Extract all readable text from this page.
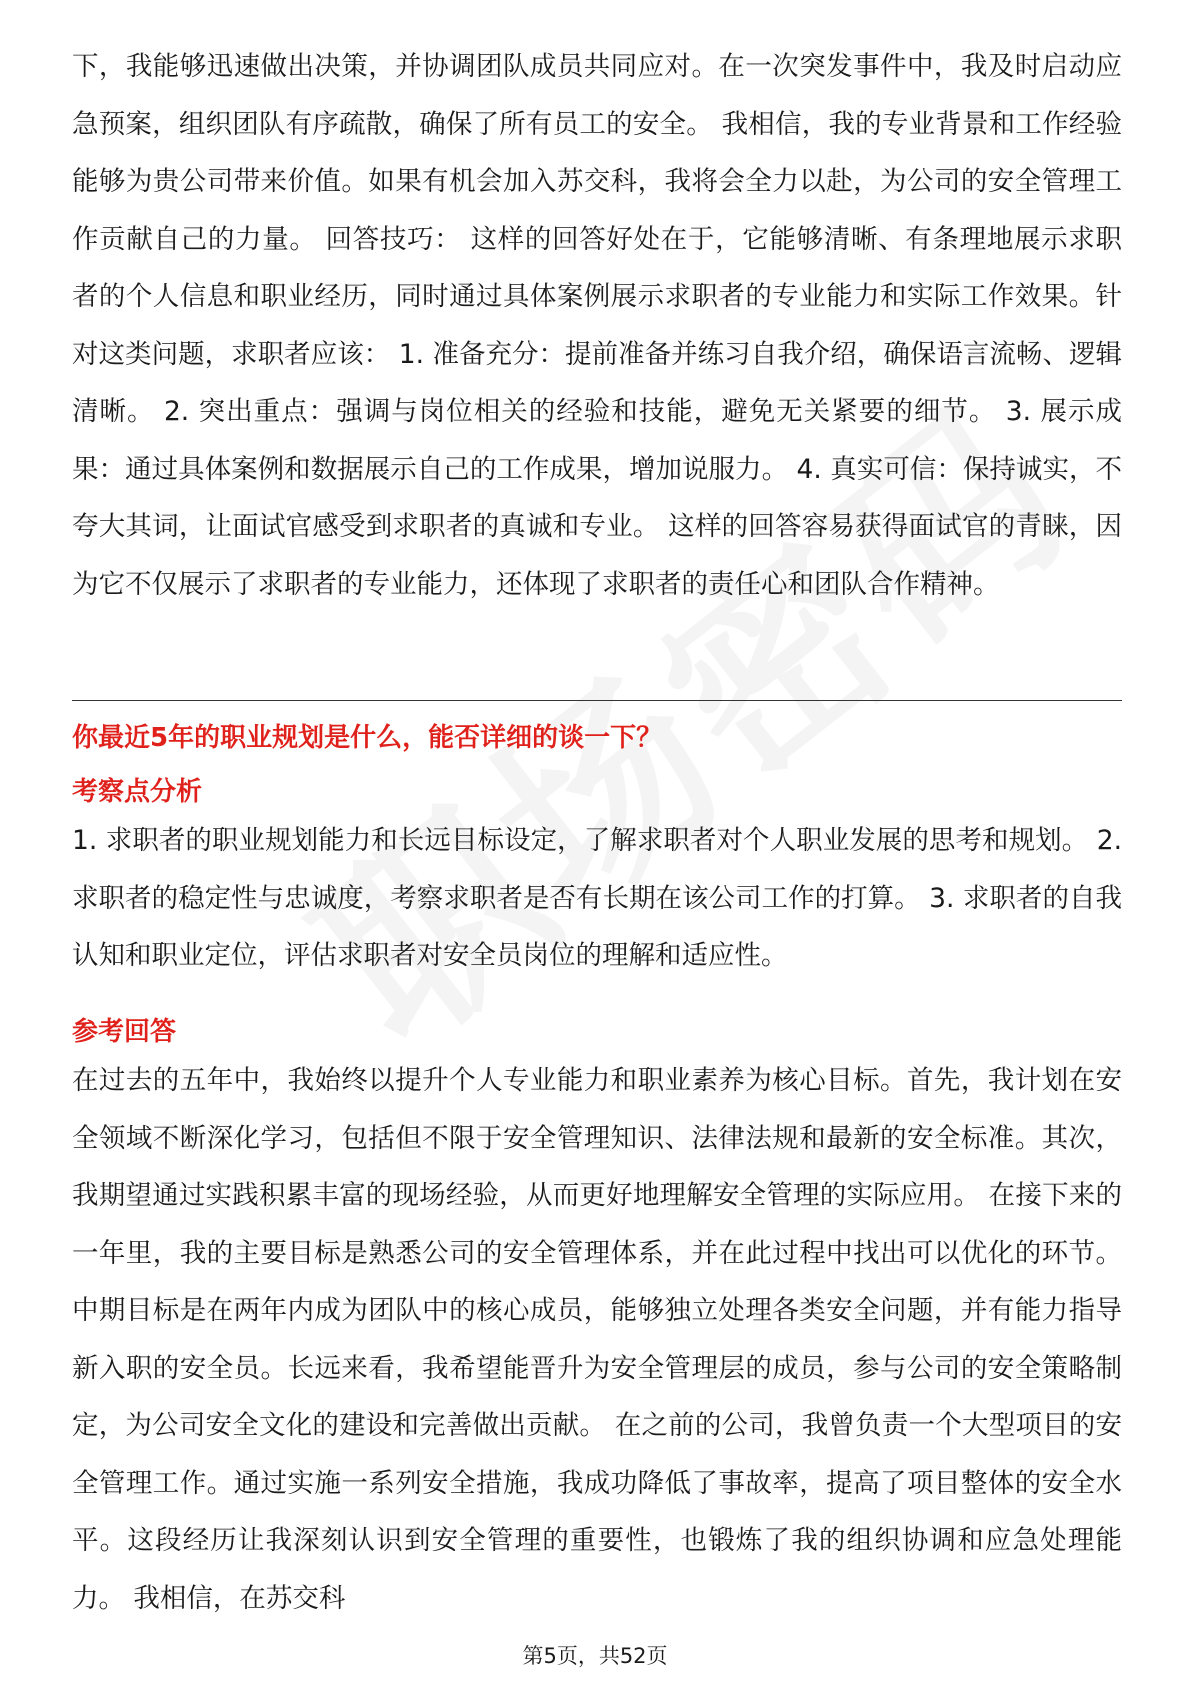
下，我能够迅速做出决策，并协调团队成员共同应对。在一次突发事件中，我及时启动应急预案，组织团队有序疏散，确保了所有员工的安全。 我相信，我的专业背景和工作经验能够为贵公司带来价值。如果有机会加入苏交科，我将会全力以赴，为公司的安全管理工作贡献自己的力量。 回答技巧： 这样的回答好处在于，它能够清晰、有条理地展示求职者的个人信息和职业经历，同时通过具体案例展示求职者的专业能力和实际工作效果。针对这类问题，求职者应该： 1. 准备充分：提前准备并练习自我介绍，确保语言流畅、逻辑清晰。 2. 突出重点：强调与岗位相关的经验和技能，避免无关紧要的细节。 3. 展示成果：通过具体案例和数据展示自己的工作成果，增加说服力。 4. 真实可信：保持诚实，不夸大其词，让面试官感受到求职者的真诚和专业。 这样的回答容易获得面试官的青睐，因为它不仅展示了求职者的专业能力，还体现了求职者的责任心和团队合作精神。

你最近5年的职业规划是什么，能否详细的谈一下？

考察点分析

1. 求职者的职业规划能力和长远目标设定，了解求职者对个人职业发展的思考和规划。 2. 求职者的稳定性与忠诚度，考察求职者是否有长期在该公司工作的打算。 3. 求职者的自我认知和职业定位，评估求职者对安全员岗位的理解和适应性。

参考回答

在过去的五年中，我始终以提升个人专业能力和职业素养为核心目标。首先，我计划在安全领域不断深化学习，包括但不限于安全管理知识、法律法规和最新的安全标准。其次，我期望通过实践积累丰富的现场经验，从而更好地理解安全管理的实际应用。 在接下来的一年里，我的主要目标是熟悉公司的安全管理体系，并在此过程中找出可以优化的环节。中期目标是在两年内成为团队中的核心成员，能够独立处理各类安全问题，并有能力指导新入职的安全员。长远来看，我希望能晋升为安全管理层的成员，参与公司的安全策略制定，为公司安全文化的建设和完善做出贡献。 在之前的公司，我曾负责一个大型项目的安全管理工作。通过实施一系列安全措施，我成功降低了事故率，提高了项目整体的安全水平。这段经历让我深刻认识到安全管理的重要性，也锻炼了我的组织协调和应急处理能力。 我相信，在苏交科

第5页，共52页
